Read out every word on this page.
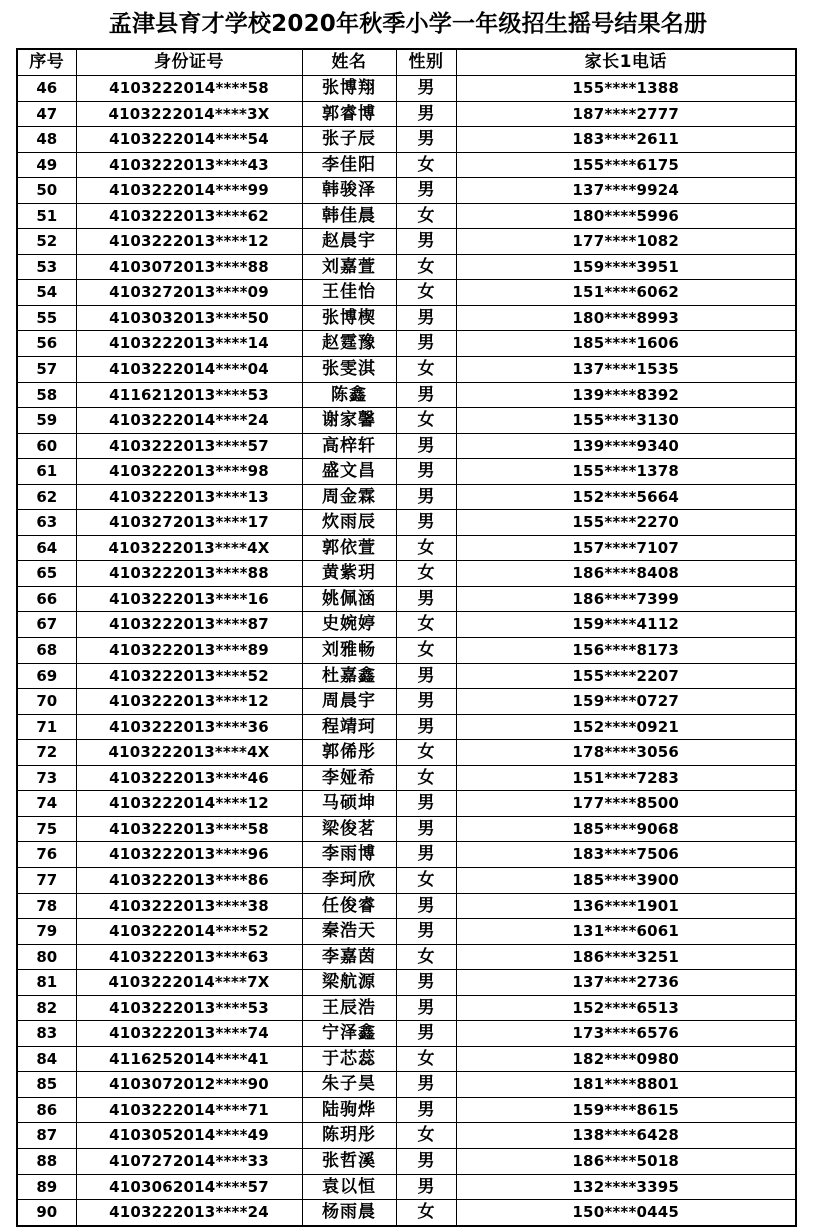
孟津县育才学校2020年秋季小学一年级招生摇号结果名册
序号	身份证号	姓名	性别	家长1电话
46	4103222014****58	张博翔	男	155****1388
47	4103222014****3X	郭睿博	男	187****2777
48	4103222014****54	张子辰	男	183****2611
49	4103222013****43	李佳阳	女	155****6175
50	4103222014****99	韩骏泽	男	137****9924
51	4103222013****62	韩佳晨	女	180****5996
52	4103222013****12	赵晨宇	男	177****1082
53	4103072013****88	刘嘉萱	女	159****3951
54	4103272013****09	王佳怡	女	151****6062
55	4103032013****50	张博楔	男	180****8993
56	4103222013****14	赵霆豫	男	185****1606
57	4103222014****04	张雯淇	女	137****1535
58	4116212013****53	陈鑫	男	139****8392
59	4103222014****24	谢家馨	女	155****3130
60	4103222013****57	高梓轩	男	139****9340
61	4103222013****98	盛文昌	男	155****1378
62	4103222013****13	周金霖	男	152****5664
63	4103272013****17	炊雨辰	男	155****2270
64	4103222013****4X	郭依萱	女	157****7107
65	4103222013****88	黄紫玥	女	186****8408
66	4103222013****16	姚佩涵	男	186****7399
67	4103222013****87	史婉婷	女	159****4112
68	4103222013****89	刘雅畅	女	156****8173
69	4103222013****52	杜嘉鑫	男	155****2207
70	4103222013****12	周晨宇	男	159****0727
71	4103222013****36	程靖珂	男	152****0921
72	4103222013****4X	郭俙彤	女	178****3056
73	4103222013****46	李娅希	女	151****7283
74	4103222014****12	马硕坤	男	177****8500
75	4103222013****58	梁俊茗	男	185****9068
76	4103222013****96	李雨博	男	183****7506
77	4103222013****86	李珂欣	女	185****3900
78	4103222013****38	任俊睿	男	136****1901
79	4103222014****52	秦浩天	男	131****6061
80	4103222013****63	李嘉茵	女	186****3251
81	4103222014****7X	梁航源	男	137****2736
82	4103222013****53	王辰浩	男	152****6513
83	4103222013****74	宁泽鑫	男	173****6576
84	4116252014****41	于芯蕊	女	182****0980
85	4103072012****90	朱子昊	男	181****8801
86	4103222014****71	陆驹烨	男	159****8615
87	4103052014****49	陈玥彤	女	138****6428
88	4107272014****33	张哲溪	男	186****5018
89	4103062014****57	袁以恒	男	132****3395
90	4103222013****24	杨雨晨	女	150****0445
